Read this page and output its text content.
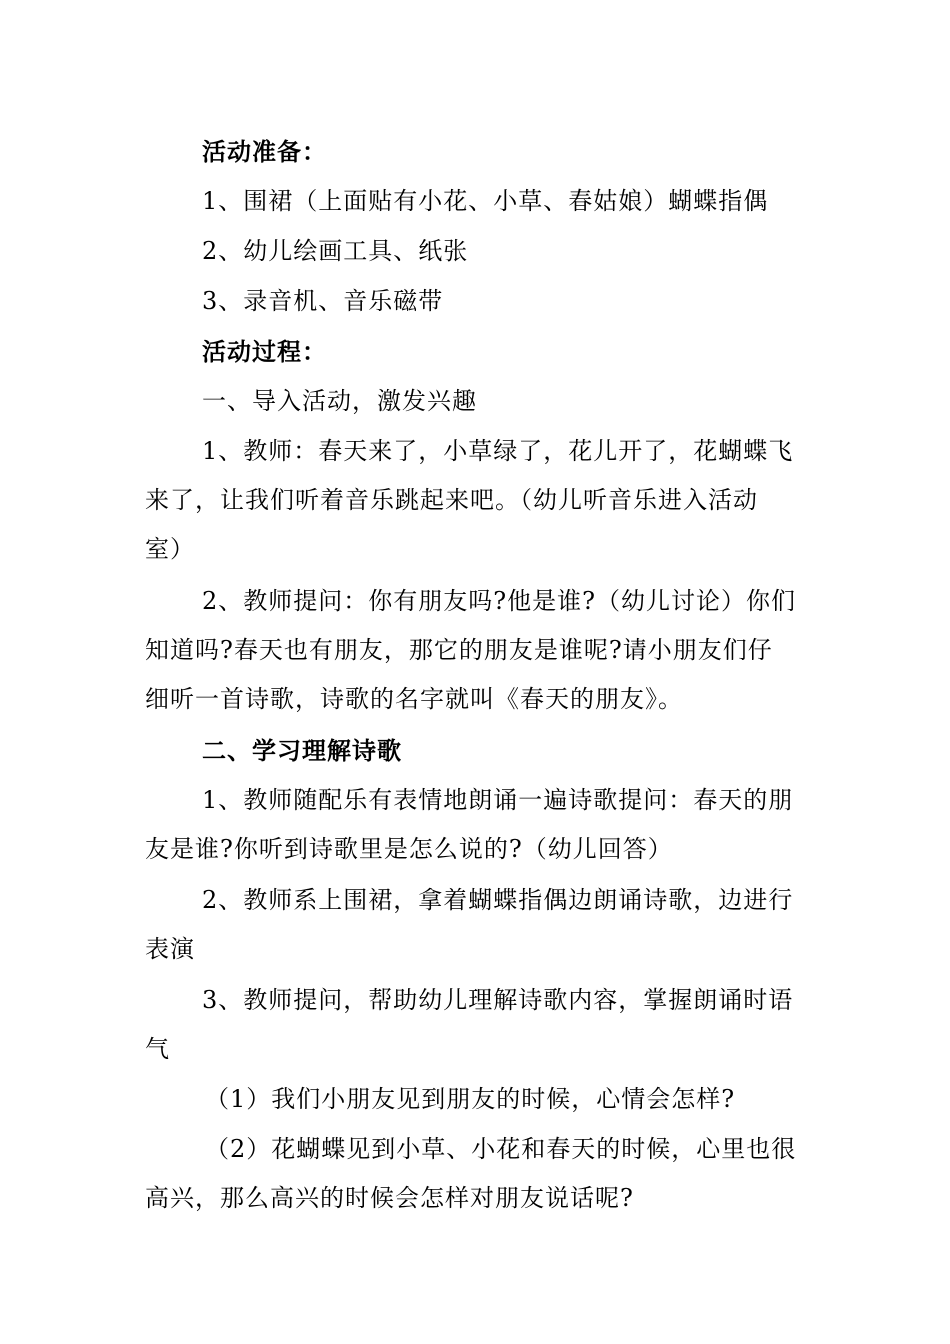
活动准备：
1、围裙（上面贴有小花、小草、春姑娘）蝴蝶指偶
2、幼儿绘画工具、纸张
3、录音机、音乐磁带
活动过程：
一、导入活动，激发兴趣
1、教师：春天来了，小草绿了，花儿开了，花蝴蝶飞
来了，让我们听着音乐跳起来吧。（幼儿听音乐进入活动
室）
2、教师提问：你有朋友吗?他是谁?（幼儿讨论）你们
知道吗?春天也有朋友，那它的朋友是谁呢?请小朋友们仔
细听一首诗歌，诗歌的名字就叫《春天的朋友》。
二、学习理解诗歌
1、教师随配乐有表情地朗诵一遍诗歌提问：春天的朋
友是谁?你听到诗歌里是怎么说的?（幼儿回答）
2、教师系上围裙，拿着蝴蝶指偶边朗诵诗歌，边进行
表演
3、教师提问，帮助幼儿理解诗歌内容，掌握朗诵时语
气
（1）我们小朋友见到朋友的时候，心情会怎样?
（2）花蝴蝶见到小草、小花和春天的时候，心里也很
高兴，那么高兴的时候会怎样对朋友说话呢?
